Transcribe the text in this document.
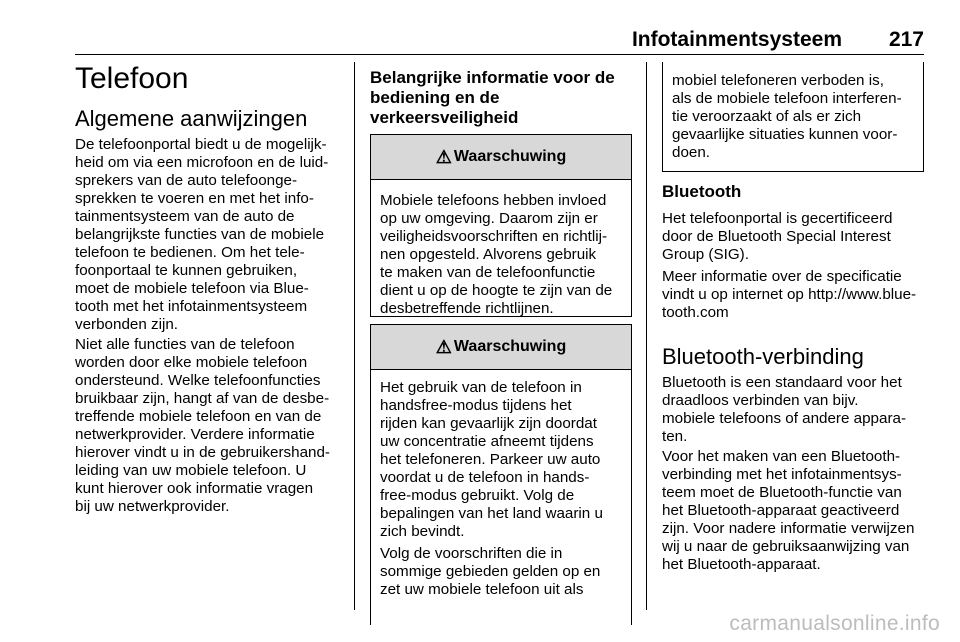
Infotainmentsysteem 217
Telefoon
Algemene aanwijzingen

De telefoonportal biedt u de mogelijk-
heid om via een microfoon en de luid-
sprekers van de auto telefoonge-
sprekken te voeren en met het info-
tainmentsysteem van de auto de
belangrijkste functies van de mobiele
telefoon te bedienen. Om het tele-
foonportaal te kunnen gebruiken,
moet de mobiele telefoon via Blue-
tooth met het infotainmentsysteem
verbonden zijn.

Niet alle functies van de telefoon
worden door elke mobiele telefoon
ondersteund. Welke telefoonfuncties
bruikbaar zijn, hangt af van de desbe-
treffende mobiele telefoon en van de
netwerkprovider. Verdere informatie
hierover vindt u in de gebruikershand-
leiding van uw mobiele telefoon. U
kunt hierover ook informatie vragen
bij uw netwerkprovider.

Belangrijke informatie voor de
bediening en de
verkeersveiligheid
⚠ Waarschuwing

Mobiele telefoons hebben invloed
op uw omgeving. Daarom zijn er
veiligheidsvoorschriften en richtlij-
nen opgesteld. Alvorens gebruik
te maken van de telefoonfunctie
dient u op de hoogte te zijn van de
desbetreffende richtlijnen.

⚠ Waarschuwing

Het gebruik van de telefoon in
handsfree-modus tijdens het
rijden kan gevaarlijk zijn doordat
uw concentratie afneemt tijdens
het telefoneren. Parkeer uw auto
voordat u de telefoon in hands-
free-modus gebruikt. Volg de
bepalingen van het land waarin u
zich bevindt.

Volg de voorschriften die in
sommige gebieden gelden op en
zet uw mobiele telefoon uit als

mobiel telefoneren verboden is,
als de mobiele telefoon interferen-
tie veroorzaakt of als er zich
gevaarlijke situaties kunnen voor-
doen.

Bluetooth

Het telefoonportal is gecertificeerd
door de Bluetooth Special Interest
Group (SIG).

Meer informatie over de specificatie
vindt u op internet op http://www.blue-
tooth.com

Bluetooth-verbinding

Bluetooth is een standaard voor het
draadloos verbinden van bijv.
mobiele telefoons of andere appara-
ten.

Voor het maken van een Bluetooth-
verbinding met het infotainmentsys-
teem moet de Bluetooth-functie van
het Bluetooth-apparaat geactiveerd
zijn. Voor nadere informatie verwijzen
wij u naar de gebruiksaanwijzing van
het Bluetooth-apparaat.

carmanualsonline.info
